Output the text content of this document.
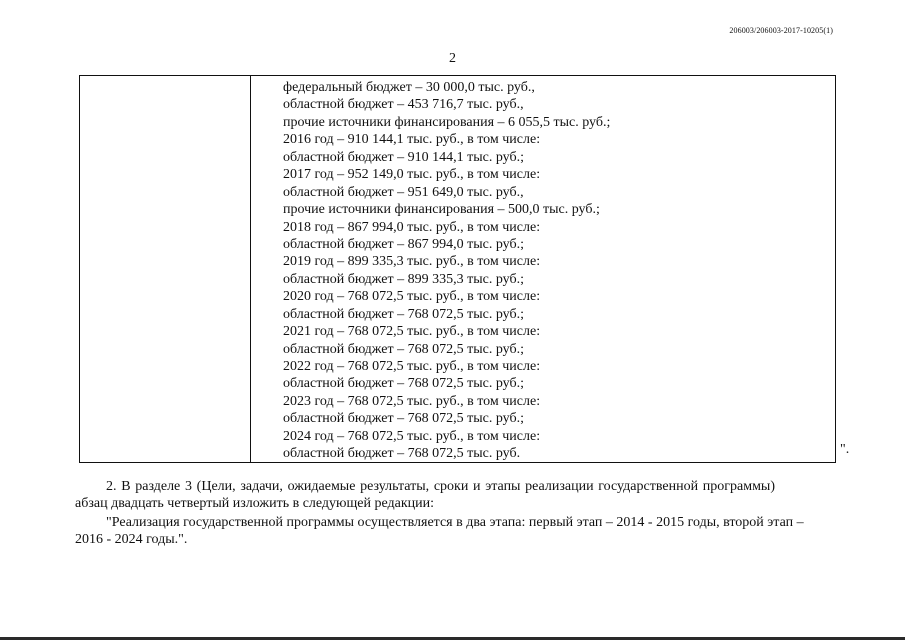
206003/206003-2017-10205(1)
2
федеральный бюджет – 30 000,0 тыс. руб.,
областной бюджет – 453 716,7 тыс. руб.,
прочие источники финансирования – 6 055,5 тыс. руб.;
2016 год – 910 144,1 тыс. руб., в том числе:
областной бюджет – 910 144,1 тыс. руб.;
2017 год – 952 149,0 тыс. руб., в том числе:
областной бюджет – 951 649,0 тыс. руб.,
прочие источники финансирования – 500,0 тыс. руб.;
2018 год – 867 994,0 тыс. руб., в том числе:
областной бюджет – 867 994,0 тыс. руб.;
2019 год – 899 335,3 тыс. руб., в том числе:
областной бюджет – 899 335,3 тыс. руб.;
2020 год – 768 072,5 тыс. руб., в том числе:
областной бюджет – 768 072,5 тыс. руб.;
2021 год – 768 072,5 тыс. руб., в том числе:
областной бюджет – 768 072,5 тыс. руб.;
2022 год – 768 072,5 тыс. руб., в том числе:
областной бюджет – 768 072,5 тыс. руб.;
2023 год – 768 072,5 тыс. руб., в том числе:
областной бюджет – 768 072,5 тыс. руб.;
2024 год – 768 072,5 тыс. руб., в том числе:
областной бюджет – 768 072,5 тыс. руб.	".
2. В разделе 3 (Цели, задачи, ожидаемые результаты, сроки и этапы реализации государственной программы)
абзац двадцать четвертый изложить в следующей редакции:
"Реализация государственной программы осуществляется в два этапа: первый этап – 2014 - 2015 годы, второй этап –
2016 - 2024 годы.".
